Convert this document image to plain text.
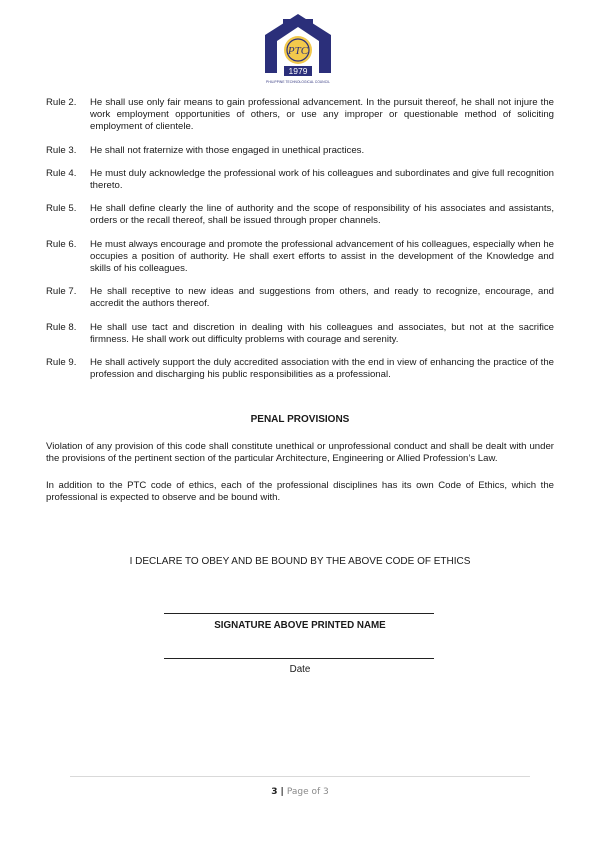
PTC
1979
PHILIPPINE TECHNOLOGICAL COUNCIL
Rule 2.	He shall use only fair means to gain professional advancement. In the pursuit thereof, he shall not injure the work employment opportunities of others, or use any improper or questionable method of soliciting employment of clientele.
Rule 3.	He shall not fraternize with those engaged in unethical practices.
Rule 4.	He must duly acknowledge the professional work of his colleagues and subordinates and give full recognition thereto.
Rule 5.	He shall define clearly the line of authority and the scope of responsibility of his associates and assistants, orders or the recall thereof, shall be issued through proper channels.
Rule 6.	He must always encourage and promote the professional advancement of his colleagues, especially when he occupies a position of authority. He shall exert efforts to assist in the development of the Knowledge and skills of his colleagues.
Rule 7.	He shall receptive to new ideas and suggestions from others, and ready to recognize, encourage, and accredit the authors thereof.
Rule 8.	He shall use tact and discretion in dealing with his colleagues and associates, but not at the sacrifice firmness. He shall work out difficulty problems with courage and serenity.
Rule 9.	He shall actively support the duly accredited association with the end in view of enhancing the practice of the profession and discharging his public responsibilities as a professional.
PENAL PROVISIONS
Violation of any provision of this code shall constitute unethical or unprofessional conduct and shall be dealt with under the provisions of the pertinent section of the particular Architecture, Engineering or Allied Profession’s Law.
In addition to the PTC code of ethics, each of the professional disciplines has its own Code of Ethics, which the professional is expected to observe and be bound with.
I DECLARE TO OBEY AND BE BOUND BY THE ABOVE CODE OF ETHICS
SIGNATURE ABOVE PRINTED NAME
Date
3 | Page of 3
